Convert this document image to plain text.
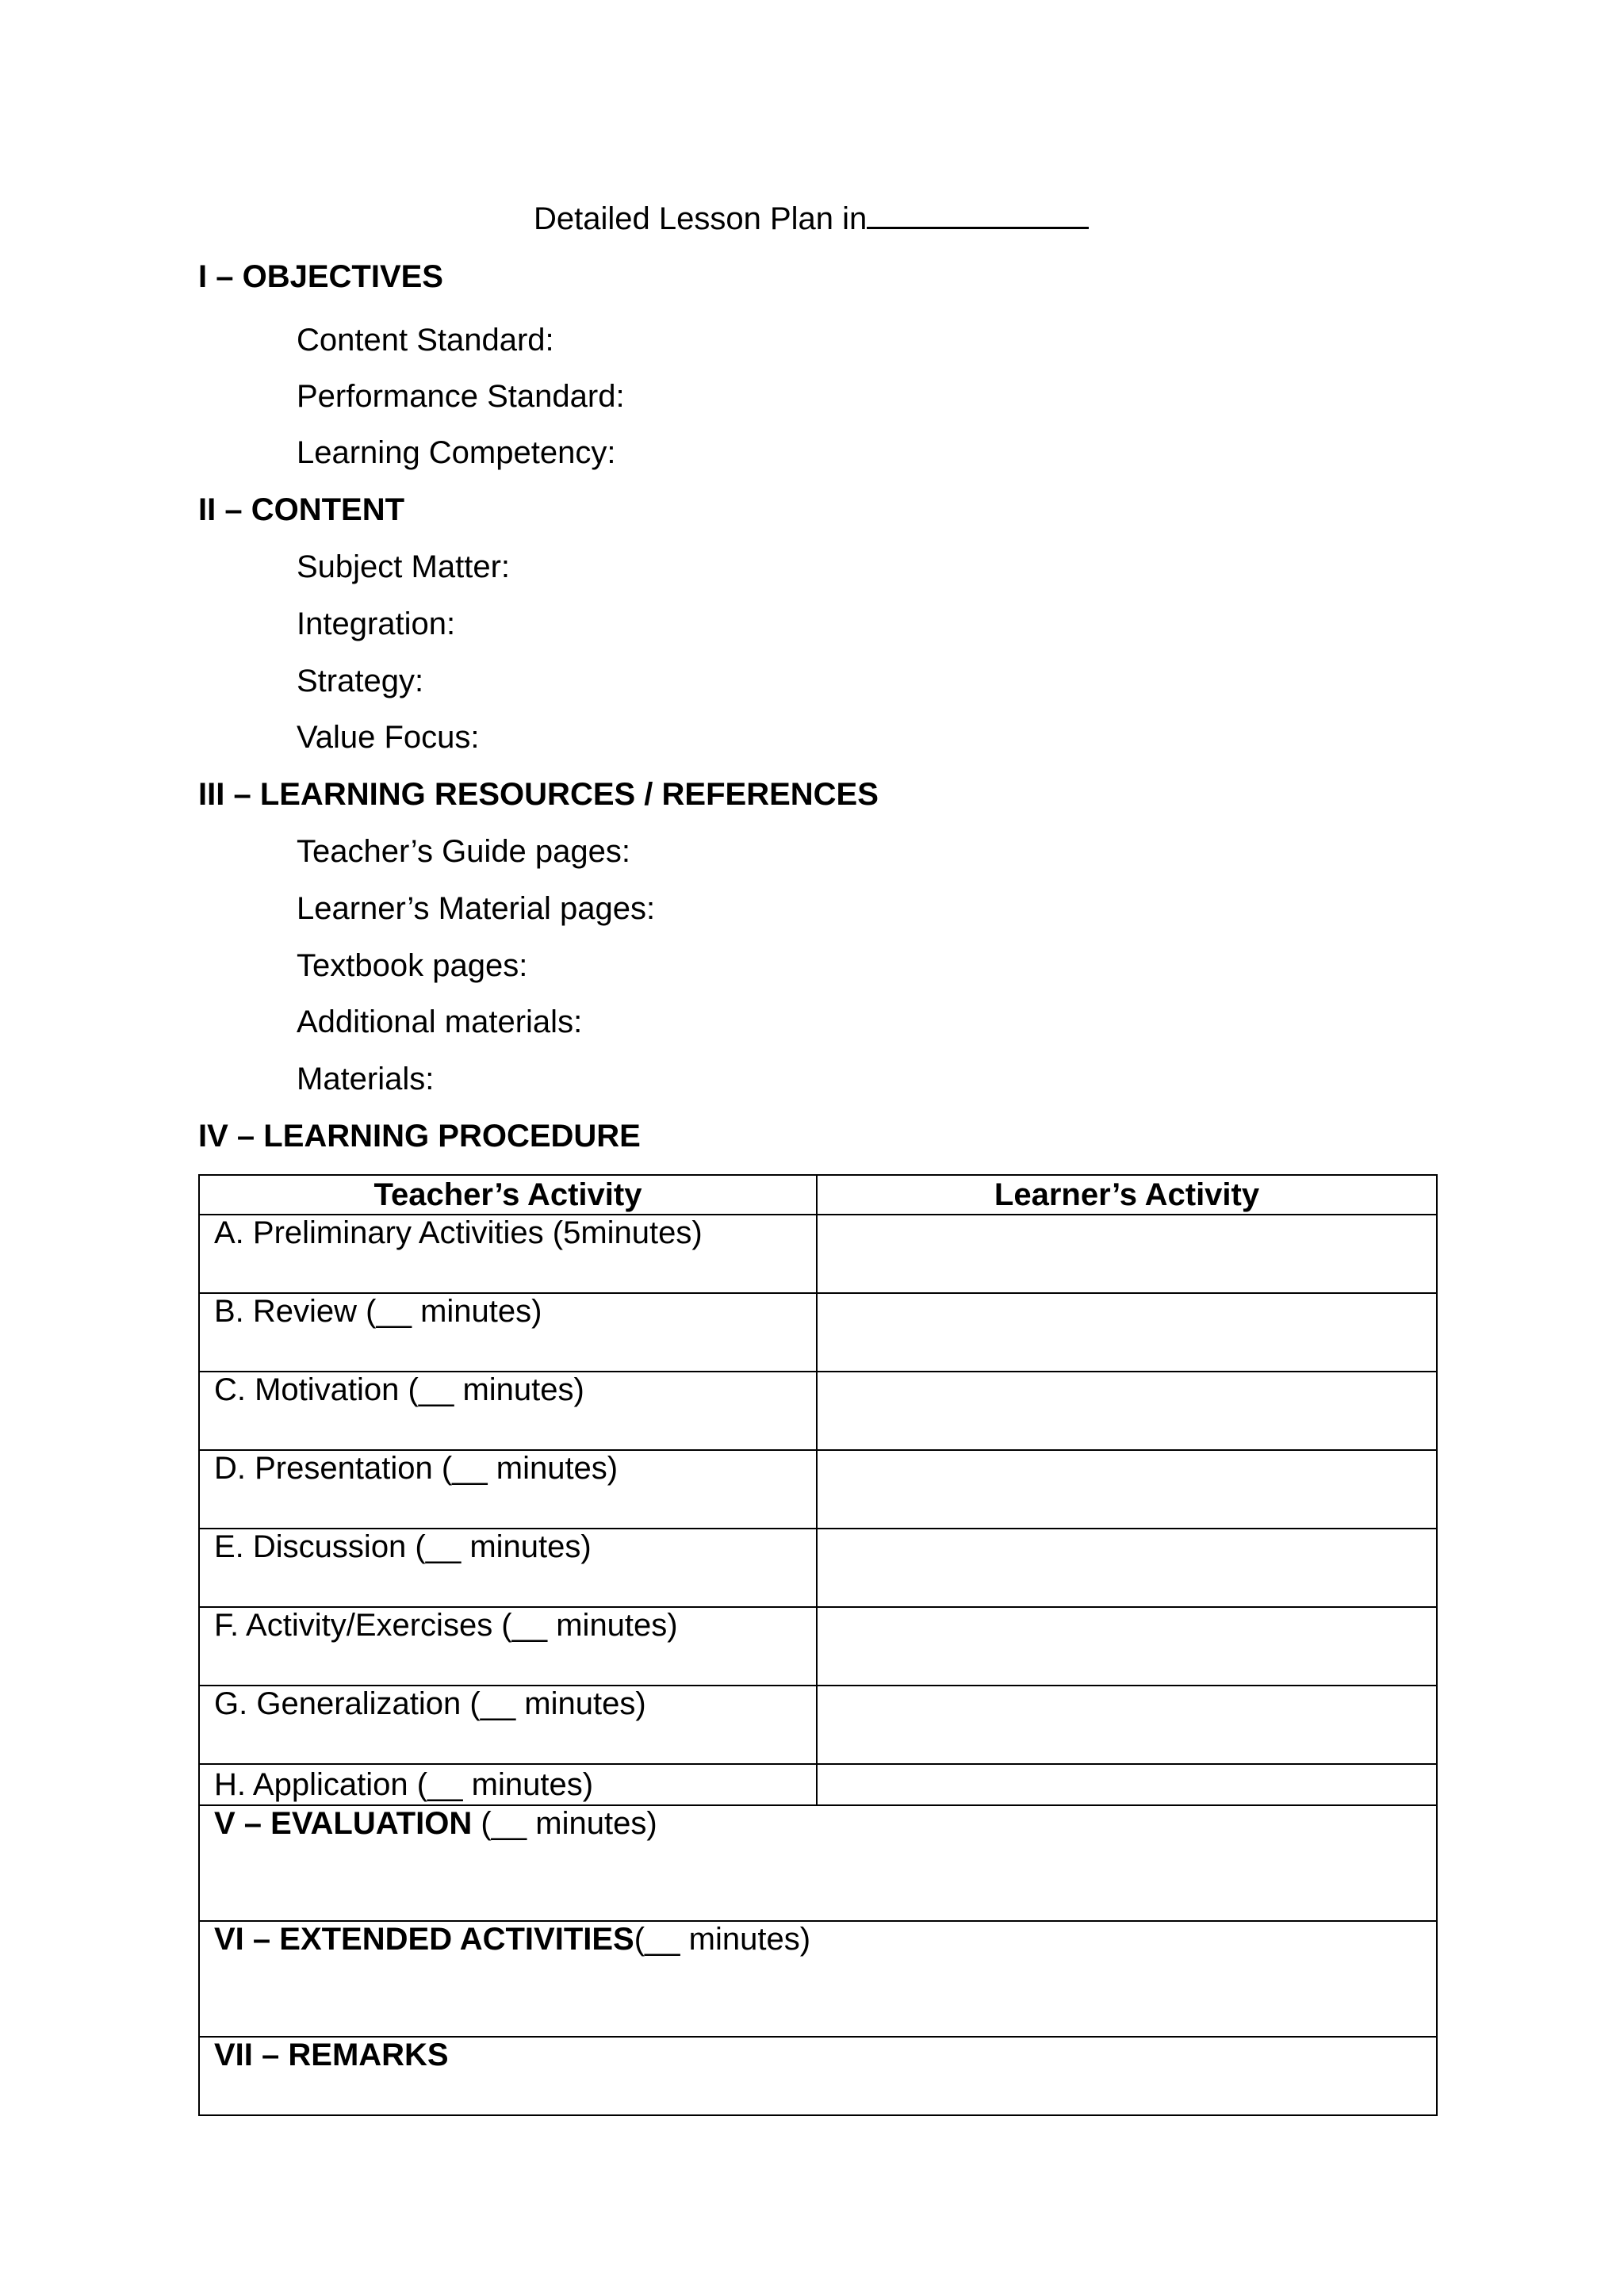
Detailed Lesson Plan in
I – OBJECTIVES
Content Standard:
Performance Standard:
Learning Competency:
II – CONTENT
Subject Matter:
Integration:
Strategy:
Value Focus:
III – LEARNING RESOURCES / REFERENCES
Teacher’s Guide pages:
Learner’s Material pages:
Textbook pages:
Additional materials:
Materials:
IV – LEARNING PROCEDURE
Teacher’s Activity	Learner’s Activity
A. Preliminary Activities (5minutes)	
B. Review (__ minutes)	
C. Motivation (__ minutes)	
D. Presentation (__ minutes)	
E. Discussion (__ minutes)	
F. Activity/Exercises (__ minutes)	
G. Generalization (__ minutes)	
H. Application (__ minutes)	
V – EVALUATION (__ minutes)	
VI – EXTENDED ACTIVITIES(__ minutes)	
VII – REMARKS	
